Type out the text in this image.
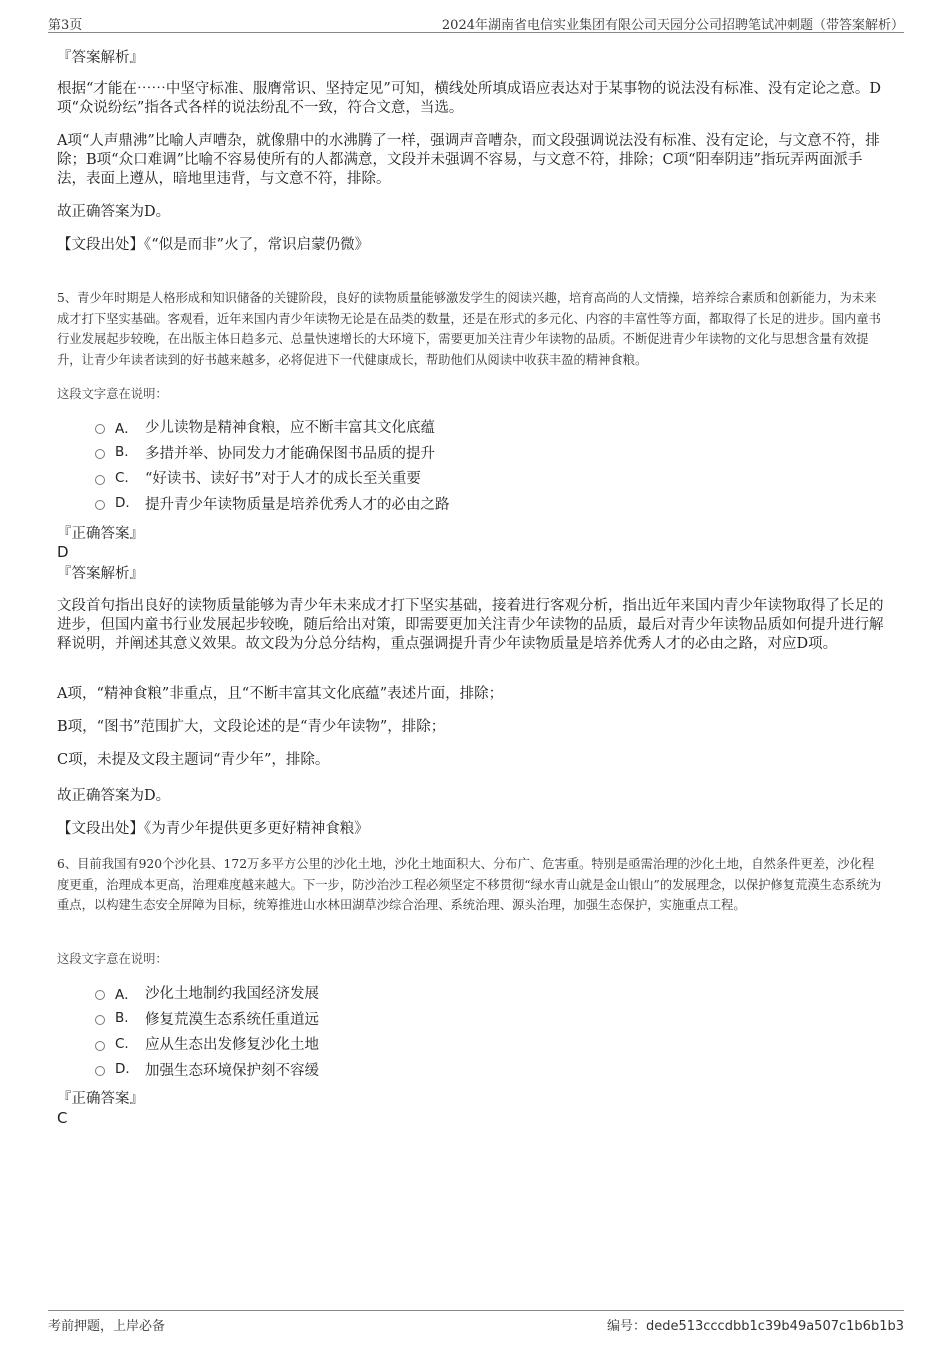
第3页	2024年湖南省电信实业集团有限公司天园分公司招聘笔试冲刺题（带答案解析）
『答案解析』

根据“才能在⋯⋯中坚守标准、服膺常识、坚持定见”可知，横线处所填成语应表达对于某事物的说法没有标准、没有定论之意。D项“众说纷纭”指各式各样的说法纷乱不一致，符合文意，当选。

A项“人声鼎沸”比喻人声嘈杂，就像鼎中的水沸腾了一样，强调声音嘈杂，而文段强调说法没有标准、没有定论，与文意不符，排除；B项“众口难调”比喻不容易使所有的人都满意，文段并未强调不容易，与文意不符，排除；C项“阳奉阴违”指玩弄两面派手法，表面上遵从，暗地里违背，与文意不符，排除。

故正确答案为D。

【文段出处】《“似是而非”火了，常识启蒙仍微》

5、青少年时期是人格形成和知识储备的关键阶段，良好的读物质量能够激发学生的阅读兴趣，培育高尚的人文情操，培养综合素质和创新能力，为未来成才打下坚实基础。客观看，近年来国内青少年读物无论是在品类的数量，还是在形式的多元化、内容的丰富性等方面，都取得了长足的进步。国内童书行业发展起步较晚，在出版主体日趋多元、总量快速增长的大环境下，需要更加关注青少年读物的品质。不断促进青少年读物的文化与思想含量有效提升，让青少年读者读到的好书越来越多，必将促进下一代健康成长，帮助他们从阅读中收获丰盈的精神食粮。

这段文字意在说明：
A． 少儿读物是精神食粮，应不断丰富其文化底蕴
B.	多措并举、协同发力才能确保图书品质的提升
C.	“好读书、读好书”对于人才的成长至关重要
D.	提升青少年读物质量是培养优秀人才的必由之路
『正确答案』
D
『答案解析』

文段首句指出良好的读物质量能够为青少年未来成才打下坚实基础，接着进行客观分析，指出近年来国内青少年读物取得了长足的进步，但国内童书行业发展起步较晚，随后给出对策，即需要更加关注青少年读物的品质，最后对青少年读物品质如何提升进行解释说明，并阐述其意义效果。故文段为分总分结构，重点强调提升青少年读物质量是培养优秀人才的必由之路，对应D项。

A项，“精神食粮”非重点，且“不断丰富其文化底蕴”表述片面，排除；

B项，“图书”范围扩大，文段论述的是“青少年读物”，排除；

C项，未提及文段主题词“青少年”，排除。

故正确答案为D。

【文段出处】《为青少年提供更多更好精神食粮》

6、目前我国有920个沙化县、172万多平方公里的沙化土地，沙化土地面积大、分布广、危害重。特别是亟需治理的沙化土地，自然条件更差，沙化程度更重，治理成本更高，治理难度越来越大。下一步，防沙治沙工程必须坚定不移贯彻“绿水青山就是金山银山”的发展理念，以保护修复荒漠生态系统为重点，以构建生态安全屏障为目标，统筹推进山水林田湖草沙综合治理、系统治理、源头治理，加强生态保护，实施重点工程。

这段文字意在说明：
A． 沙化土地制约我国经济发展
B.	修复荒漠生态系统任重道远
C.	应从生态出发修复沙化土地
D.	加强生态环境保护刻不容缓
『正确答案』
C
考前押题，上岸必备	编号：dede513cccdbb1c39b49a507c1b6b1b3
